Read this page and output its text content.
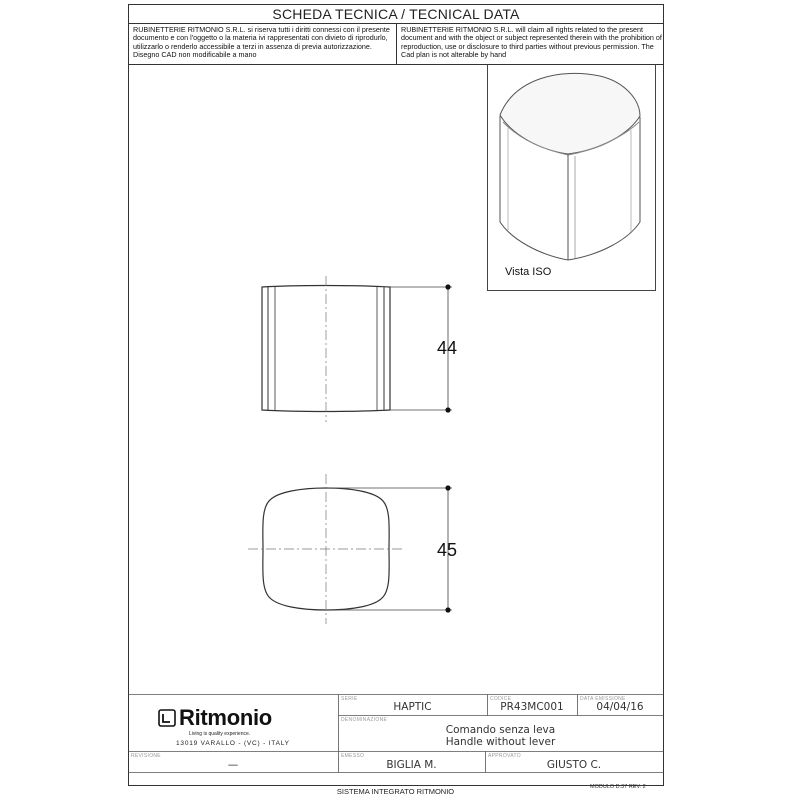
SCHEDA TECNICA / TECNICAL DATA
RUBINETTERIE RITMONIO S.R.L. si riserva tutti i diritti connessi con il presente documento e con l'oggetto o la materia ivi rappresentati con divieto di riprodurlo, utilizzarlo o renderlo accessibile a terzi in assenza di previa autorizzazione. Disegno CAD non modificabile a mano
RUBINETTERIE RITMONIO S.R.L. will claim all rights related to the present document and with the object or subject represented therein with the prohibition of reproduction, use or disclosure to third parties without previous permission. The Cad plan is not alterable by hand
Vista ISO
44
45
Ritmonio
Living is quality experience.
13019 VARALLO - (VC) - ITALY
SERIE
HAPTIC
CODICE
PR43MC001
DATA EMISSIONE
04/04/16
DENOMINAZIONE
Comando senza leva
Handle without lever
REVISIONE
—
EMESSO
BIGLIA M.
APPROVATO
GIUSTO C.
SISTEMA INTEGRATO RITMONIO	MODULO D.37 REV. 2
